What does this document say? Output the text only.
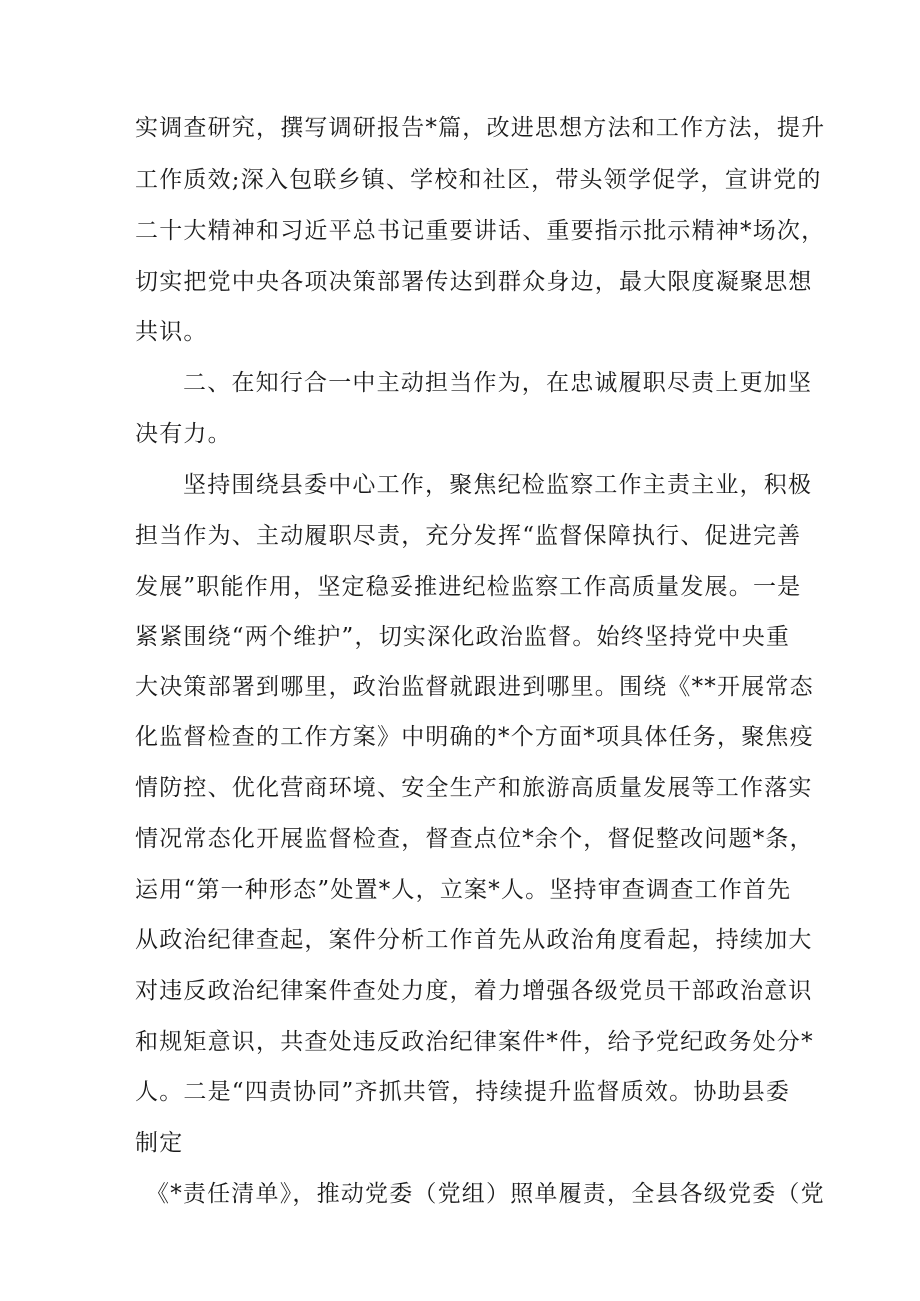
实调查研究，撰写调研报告*篇，改进思想方法和工作方法，提升
工作质效;深入包联乡镇、学校和社区，带头领学促学，宣讲党的
二十大精神和习近平总书记重要讲话、重要指示批示精神*场次，
切实把党中央各项决策部署传达到群众身边，最大限度凝聚思想
共识。
二、在知行合一中主动担当作为，在忠诚履职尽责上更加坚
决有力。
坚持围绕县委中心工作，聚焦纪检监察工作主责主业，积极
担当作为、主动履职尽责，充分发挥“监督保障执行、促进完善
发展”职能作用，坚定稳妥推进纪检监察工作高质量发展。一是
紧紧围绕“两个维护”，切实深化政治监督。始终坚持党中央重
大决策部署到哪里，政治监督就跟进到哪里。围绕《**开展常态
化监督检查的工作方案》中明确的*个方面*项具体任务，聚焦疫
情防控、优化营商环境、安全生产和旅游高质量发展等工作落实
情况常态化开展监督检查，督查点位*余个，督促整改问题*条，
运用“第一种形态”处置*人，立案*人。坚持审查调查工作首先
从政治纪律查起，案件分析工作首先从政治角度看起，持续加大
对违反政治纪律案件查处力度，着力增强各级党员干部政治意识
和规矩意识，共查处违反政治纪律案件*件，给予党纪政务处分*
人。二是“四责协同”齐抓共管，持续提升监督质效。协助县委
制定
《*责任清单》，推动党委（党组）照单履责，全县各级党委（党
